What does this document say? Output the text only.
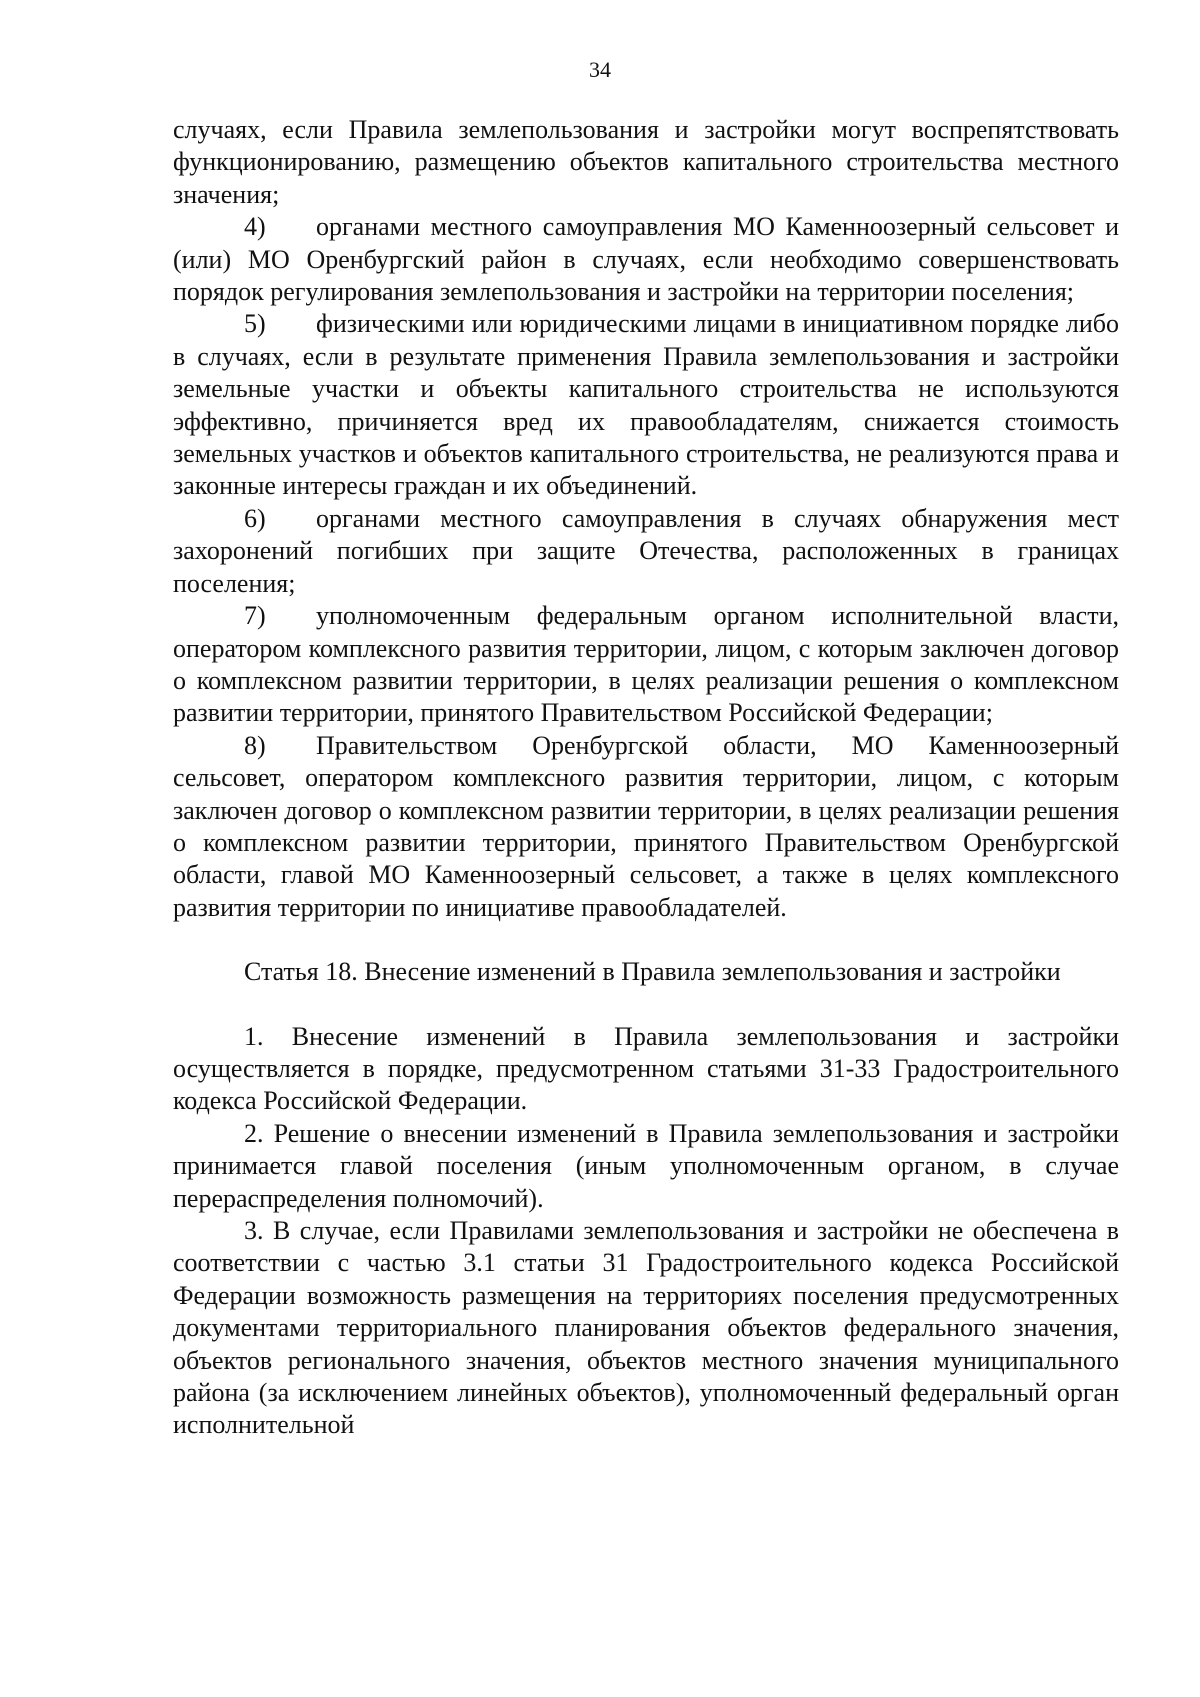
34

случаях, если Правила землепользования и застройки могут воспрепятствовать функционированию, размещению объектов капитального строительства местного значения;

4) органами местного самоуправления МО Каменноозерный сельсовет и (или) МО Оренбургский район в случаях, если необходимо совершенствовать порядок регулирования землепользования и застройки на территории поселения;

5) физическими или юридическими лицами в инициативном порядке либо в случаях, если в результате применения Правила землепользования и застройки земельные участки и объекты капитального строительства не используются эффективно, причиняется вред их правообладателям, снижается стоимость земельных участков и объектов капитального строительства, не реализуются права и законные интересы граждан и их объединений.

6) органами местного самоуправления в случаях обнаружения мест захоронений погибших при защите Отечества, расположенных в границах поселения;

7) уполномоченным федеральным органом исполнительной власти, оператором комплексного развития территории, лицом, с которым заключен договор о комплексном развитии территории, в целях реализации решения о комплексном развитии территории, принятого Правительством Российской Федерации;

8) Правительством Оренбургской области, МО Каменноозерный сельсовет, оператором комплексного развития территории, лицом, с которым заключен договор о комплексном развитии территории, в целях реализации решения о комплексном развитии территории, принятого Правительством Оренбургской области, главой МО Каменноозерный сельсовет, а также в целях комплексного развития территории по инициативе правообладателей.

Статья 18. Внесение изменений в Правила землепользования и застройки

1. Внесение изменений в Правила землепользования и застройки осуществляется в порядке, предусмотренном статьями 31-33 Градостроительного кодекса Российской Федерации.

2. Решение о внесении изменений в Правила землепользования и застройки принимается главой поселения (иным уполномоченным органом, в случае перераспределения полномочий).

3. В случае, если Правилами землепользования и застройки не обеспечена в соответствии с частью 3.1 статьи 31 Градостроительного кодекса Российской Федерации возможность размещения на территориях поселения предусмотренных документами территориального планирования объектов федерального значения, объектов регионального значения, объектов местного значения муниципального района (за исключением линейных объектов), уполномоченный федеральный орган исполнительной
